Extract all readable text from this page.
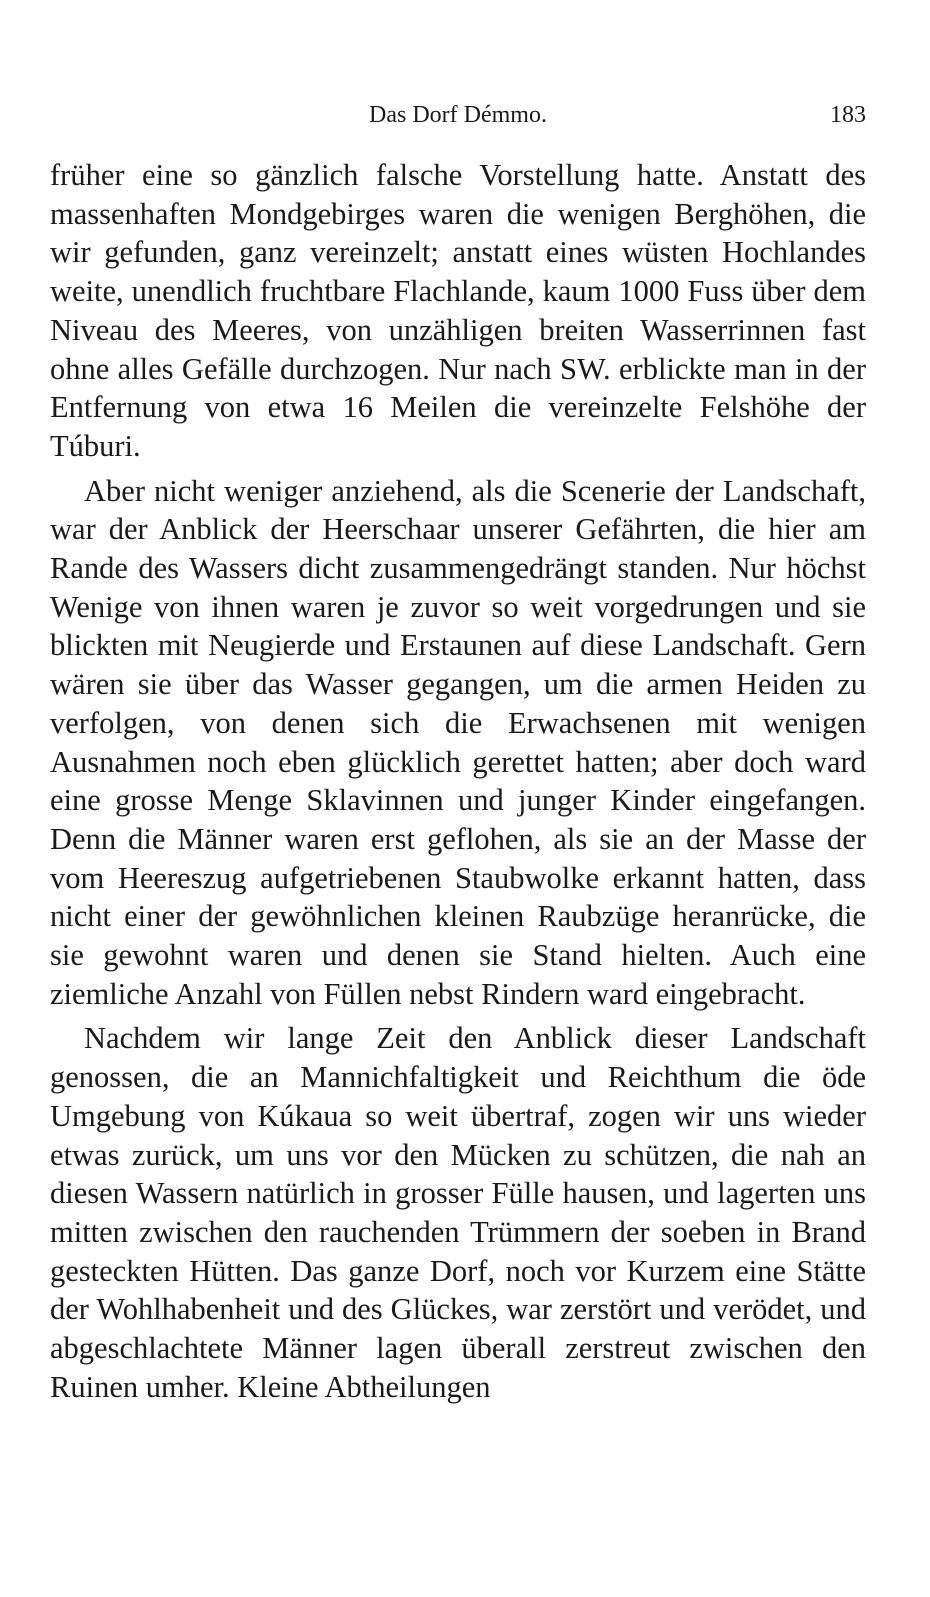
Das Dorf Démmo.	183

früher eine so gänzlich falsche Vorstellung hatte. Anstatt des massenhaften Mondgebirges waren die wenigen Berghöhen, die wir gefunden, ganz vereinzelt; anstatt eines wüsten Hochlandes weite, unendlich fruchtbare Flachlande, kaum 1000 Fuss über dem Niveau des Meeres, von unzähligen breiten Wasserrinnen fast ohne alles Gefälle durchzogen. Nur nach SW. erblickte man in der Entfernung von etwa 16 Meilen die vereinzelte Felshöhe der Túburi.

Aber nicht weniger anziehend, als die Scenerie der Landschaft, war der Anblick der Heerschaar unserer Gefährten, die hier am Rande des Wassers dicht zusammengedrängt standen. Nur höchst Wenige von ihnen waren je zuvor so weit vorgedrungen und sie blickten mit Neugierde und Erstaunen auf diese Landschaft. Gern wären sie über das Wasser gegangen, um die armen Heiden zu verfolgen, von denen sich die Erwachsenen mit wenigen Ausnahmen noch eben glücklich gerettet hatten; aber doch ward eine grosse Menge Sklavinnen und junger Kinder eingefangen. Denn die Männer waren erst geflohen, als sie an der Masse der vom Heereszug aufgetriebenen Staubwolke erkannt hatten, dass nicht einer der gewöhnlichen kleinen Raubzüge heranrücke, die sie gewohnt waren und denen sie Stand hielten. Auch eine ziemliche Anzahl von Füllen nebst Rindern ward eingebracht.

Nachdem wir lange Zeit den Anblick dieser Landschaft genossen, die an Mannichfaltigkeit und Reichthum die öde Umgebung von Kúkaua so weit übertraf, zogen wir uns wieder etwas zurück, um uns vor den Mücken zu schützen, die nah an diesen Wassern natürlich in grosser Fülle hausen, und lagerten uns mitten zwischen den rauchenden Trümmern der soeben in Brand gesteckten Hütten. Das ganze Dorf, noch vor Kurzem eine Stätte der Wohlhabenheit und des Glückes, war zerstört und verödet, und abgeschlachtete Männer lagen überall zerstreut zwischen den Ruinen umher. Kleine Abtheilungen
